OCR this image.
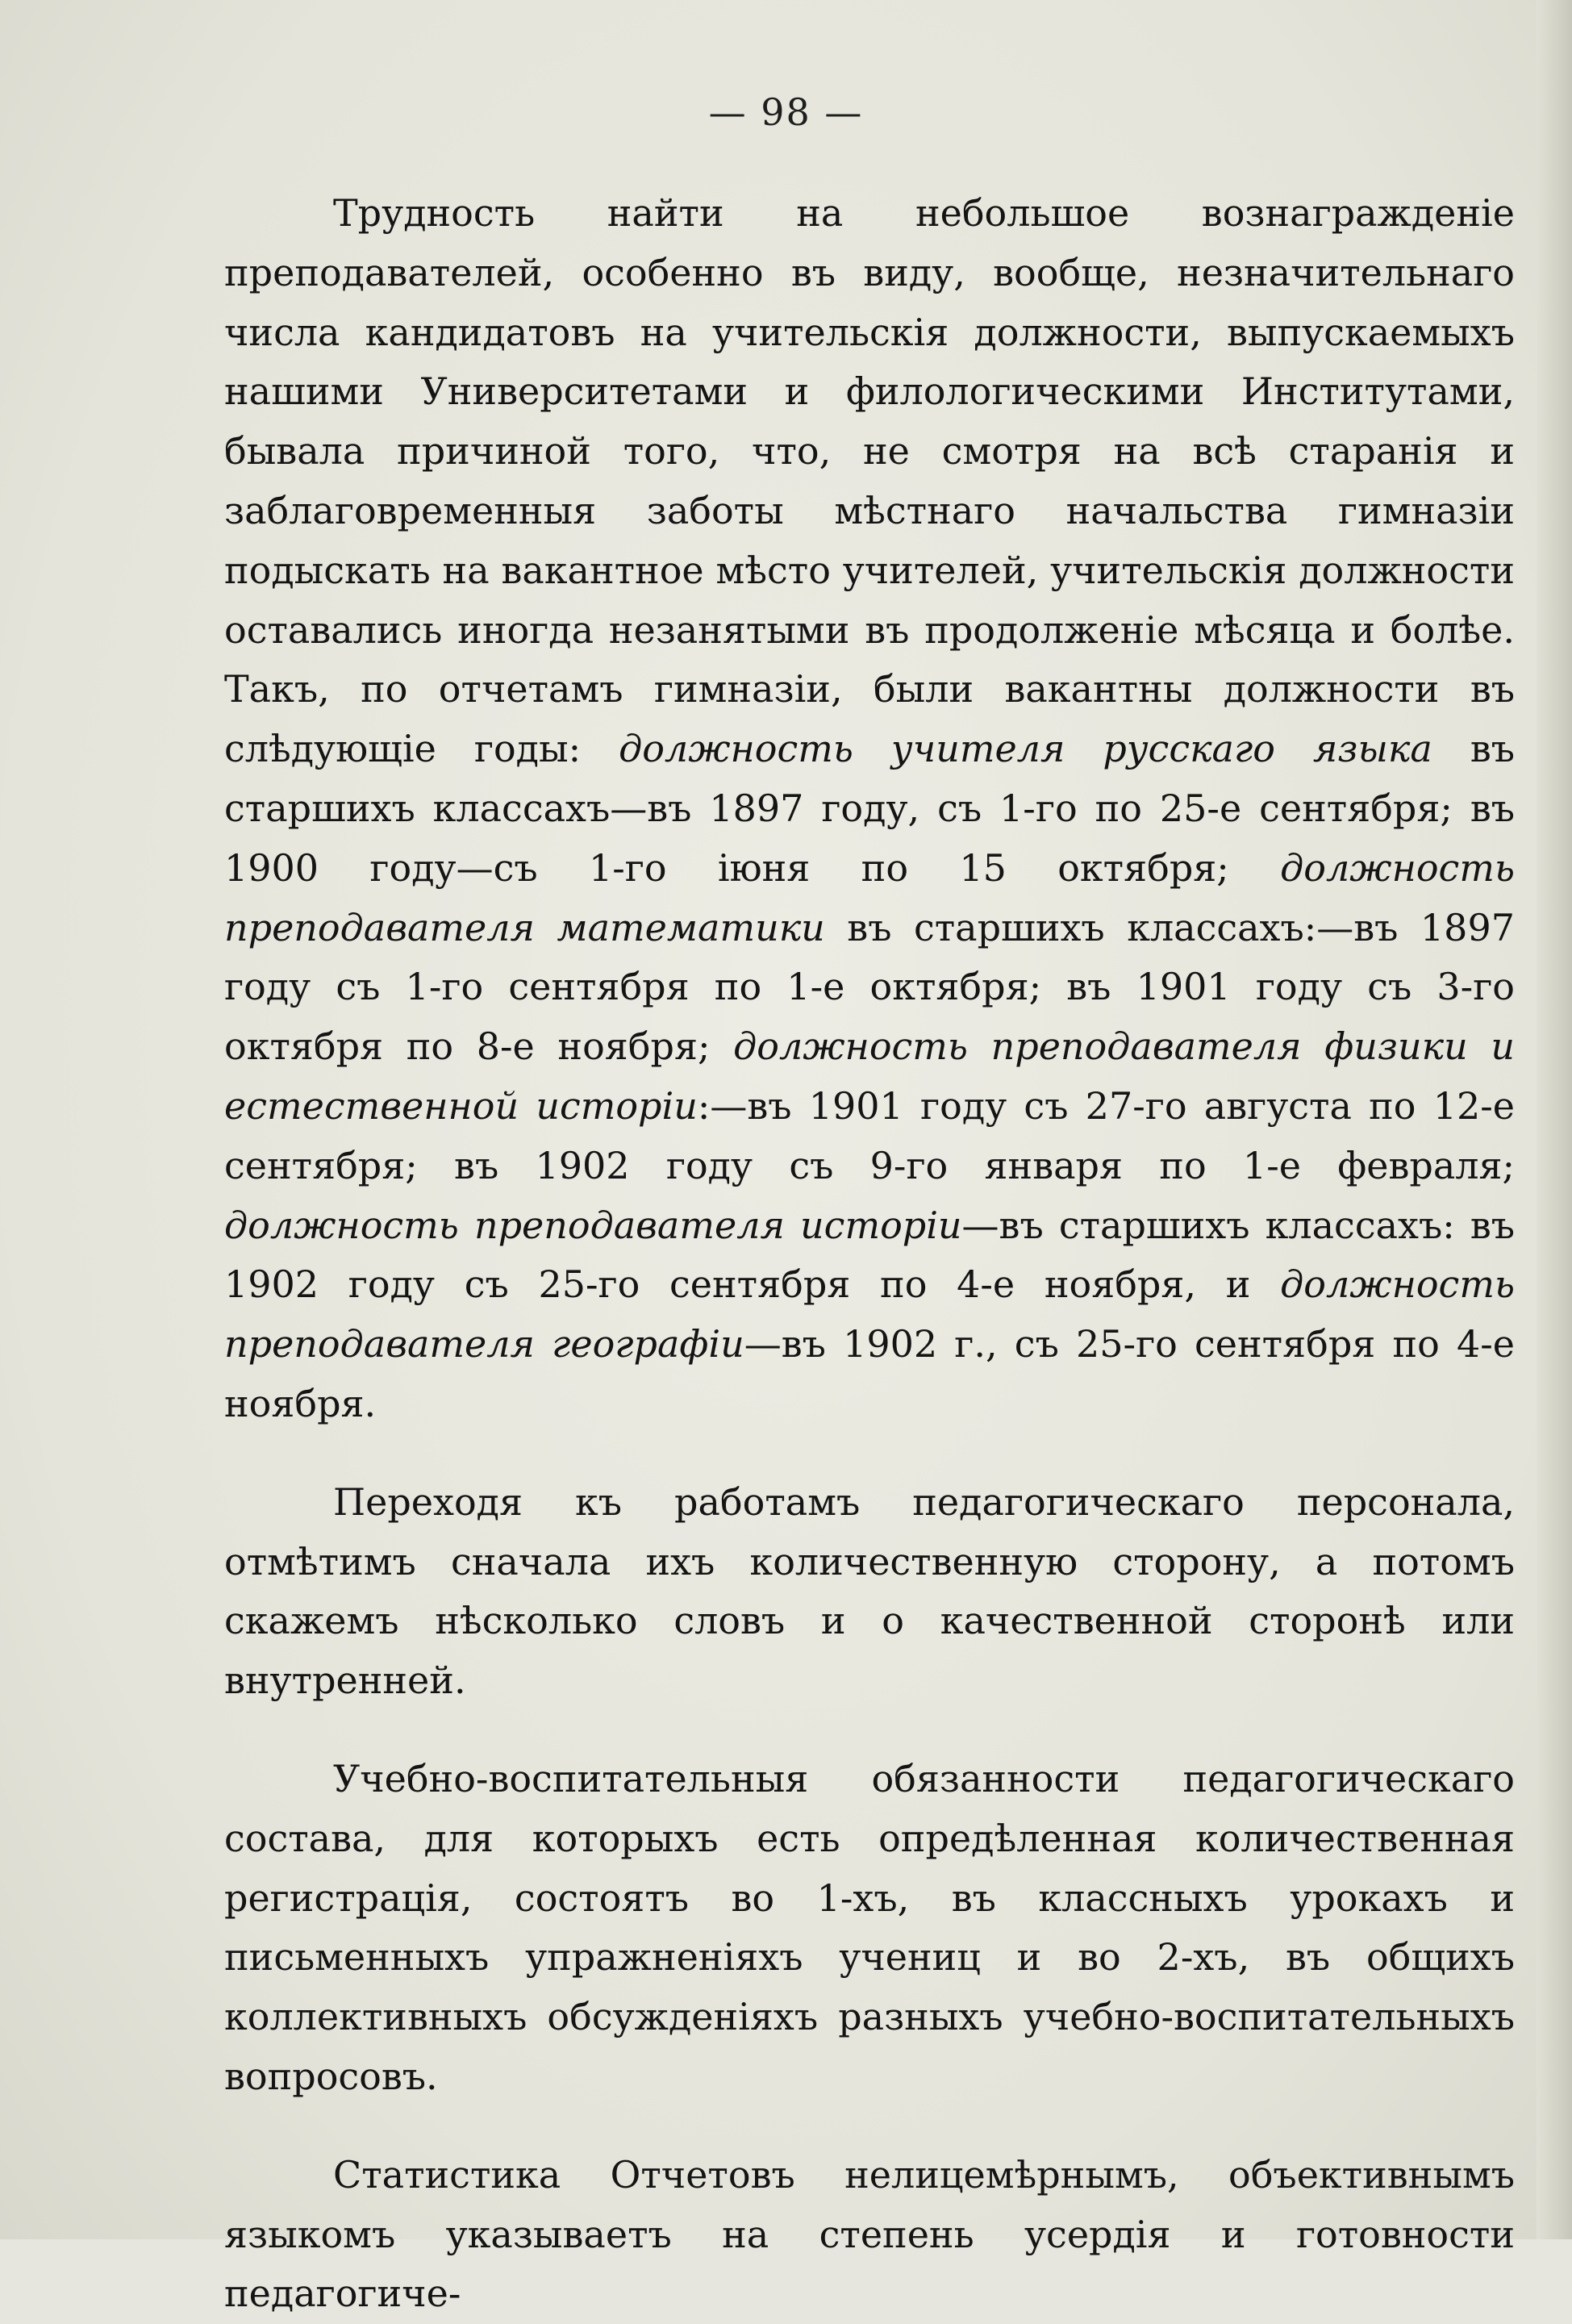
— 98 —

Трудность найти на небольшое вознагражденіе преподавателей, особенно въ виду, вообще, незначительнаго числа кандидатовъ на учительскія должности, выпускаемыхъ нашими Университетами и филологическими Институтами, бывала причиной того, что, не смотря на всѣ старанія и заблаговременныя заботы мѣстнаго начальства гимназіи подыскать на вакантное мѣсто учителей, учительскія должности оставались иногда незанятыми въ продолженіе мѣсяца и болѣе. Такъ, по отчетамъ гимназіи, были вакантны должности въ слѣдующіе годы: должность учителя русскаго языка въ старшихъ классахъ—въ 1897 году, съ 1-го по 25-е сентября; въ 1900 году—съ 1-го іюня по 15 октября; должность преподавателя математики въ старшихъ классахъ:—въ 1897 году съ 1-го сентября по 1-е октября; въ 1901 году съ 3-го октября по 8-е ноября; должность преподавателя физики и естественной исторіи:—въ 1901 году съ 27-го августа по 12-е сентября; въ 1902 году съ 9-го января по 1-е февраля; должность преподавателя исторіи—въ старшихъ классахъ: въ 1902 году съ 25-го сентября по 4-е ноября, и должность преподавателя географіи—въ 1902 г., съ 25-го сентября по 4-е ноября.

Переходя къ работамъ педагогическаго персонала, отмѣтимъ сначала ихъ количественную сторону, а потомъ скажемъ нѣсколько словъ и о качественной сторонѣ или внутренней.

Учебно-воспитательныя обязанности педагогическаго состава, для которыхъ есть опредѣленная количественная регистрація, состоятъ во 1-хъ, въ классныхъ урокахъ и письменныхъ упражненіяхъ учениц и во 2-хъ, въ общихъ коллективныхъ обсужденіяхъ разныхъ учебно-воспитательныхъ вопросовъ.

Статистика Отчетовъ нелицемѣрнымъ, объективнымъ языкомъ указываетъ на степень усердія и готовности педагогиче-
